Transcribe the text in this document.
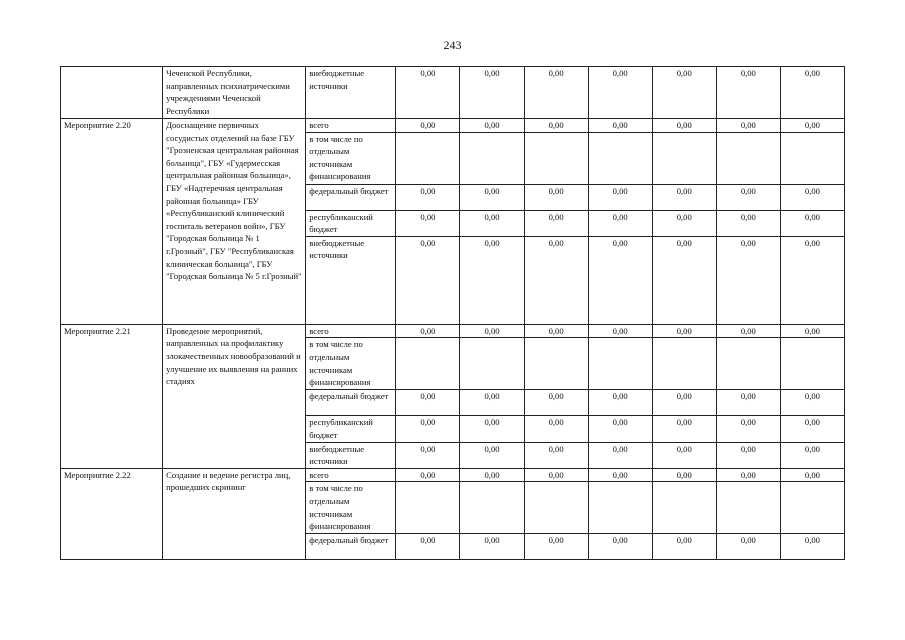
243
	Чеченской Республики, направленных психиатрическими учреждениями Чеченской Республики	внебюджетные источники	0,00	0,00	0,00	0,00	0,00	0,00	0,00
Мероприятие 2.20	Дооснащение первичных сосудистых отделений на базе ГБУ "Грозненская центральная районная больница", ГБУ «Гудермесская центральная районная больница», ГБУ «Надтеречная центральная районная больница» ГБУ «Республиканский клинический госпиталь ветеранов войн», ГБУ "Городская больница № 1 г.Грозный", ГБУ "Республиканская клиническая больница", ГБУ "Городская больница № 5 г.Грозный"	всего	0,00	0,00	0,00	0,00	0,00	0,00	0,00
		в том числе по отдельным источникам финансирования							
		федеральный бюджет	0,00	0,00	0,00	0,00	0,00	0,00	0,00
		республиканский бюджет	0,00	0,00	0,00	0,00	0,00	0,00	0,00
		внебюджетные источники	0,00	0,00	0,00	0,00	0,00	0,00	0,00
Мероприятие 2.21	Проведение мероприятий, направленных на профилактику злокачественных новообразований и улучшение их выявления на ранних стадиях	всего	0,00	0,00	0,00	0,00	0,00	0,00	0,00
		в том числе по отдельным источникам финансирования							
		федеральный бюджет	0,00	0,00	0,00	0,00	0,00	0,00	0,00
		республиканский бюджет	0,00	0,00	0,00	0,00	0,00	0,00	0,00
		внебюджетные источники	0,00	0,00	0,00	0,00	0,00	0,00	0,00
Мероприятие 2.22	Создание и ведение регистра лиц, прошедших скрининг	всего	0,00	0,00	0,00	0,00	0,00	0,00	0,00
		в том числе по отдельным источникам финансирования							
		федеральный бюджет	0,00	0,00	0,00	0,00	0,00	0,00	0,00
